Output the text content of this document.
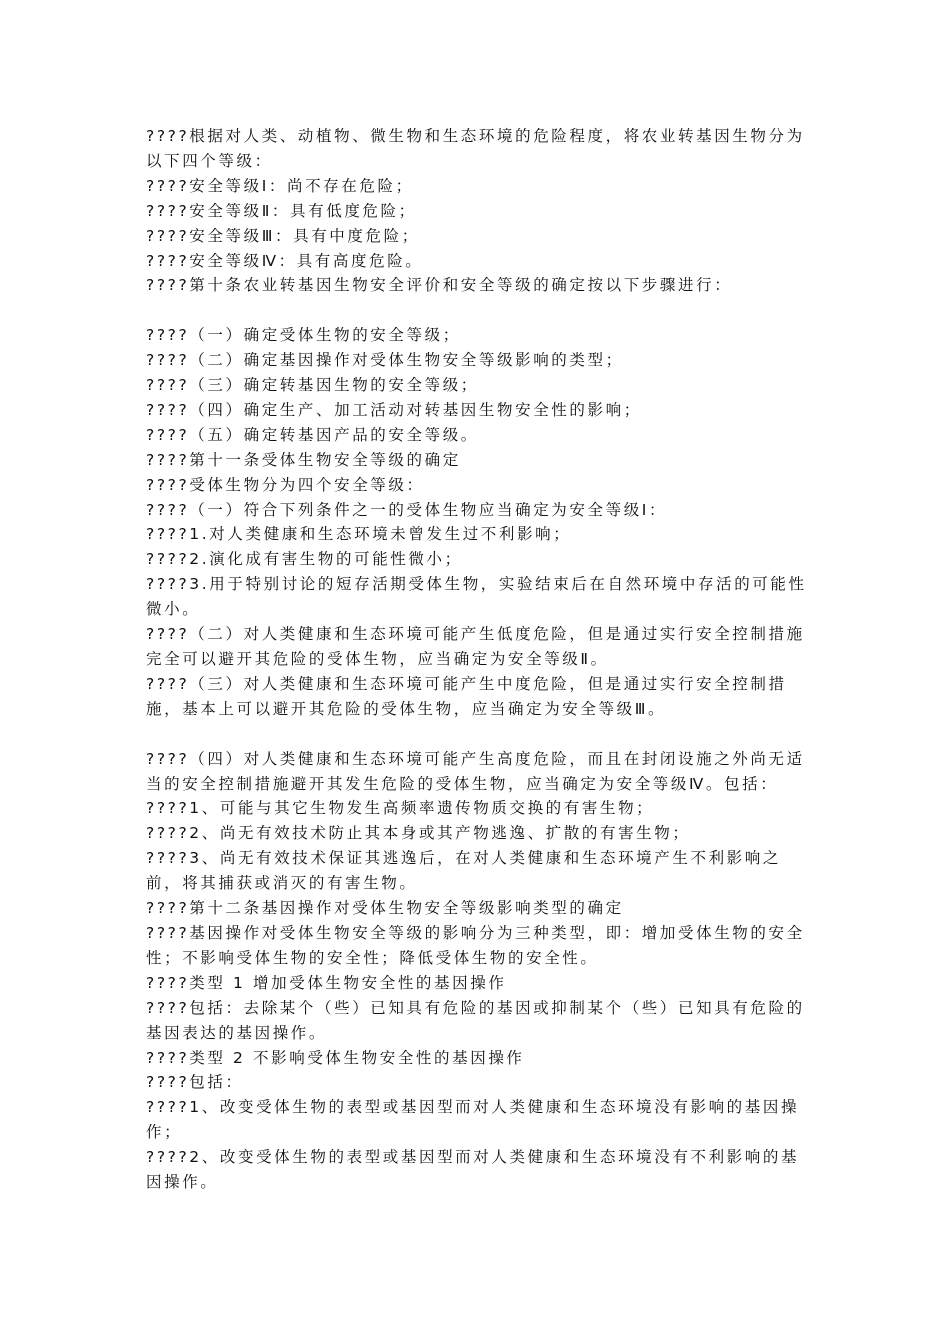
????根据对人类、动植物、微生物和生态环境的危险程度，将农业转基因生物分为以下四个等级：

????安全等级Ⅰ：尚不存在危险；

????安全等级Ⅱ：具有低度危险；

????安全等级Ⅲ：具有中度危险；

????安全等级Ⅳ：具有高度危险。

????第十条农业转基因生物安全评价和安全等级的确定按以下步骤进行：

????（一）确定受体生物的安全等级；

????（二）确定基因操作对受体生物安全等级影响的类型；

????（三）确定转基因生物的安全等级；

????（四）确定生产、加工活动对转基因生物安全性的影响；

????（五）确定转基因产品的安全等级。

????第十一条受体生物安全等级的确定

????受体生物分为四个安全等级：

????（一）符合下列条件之一的受体生物应当确定为安全等级Ⅰ：

????1.对人类健康和生态环境未曾发生过不利影响；

????2.演化成有害生物的可能性微小；

????3.用于特别讨论的短存活期受体生物，实验结束后在自然环境中存活的可能性微小。

????（二）对人类健康和生态环境可能产生低度危险，但是通过实行安全控制措施完全可以避开其危险的受体生物，应当确定为安全等级Ⅱ。

????（三）对人类健康和生态环境可能产生中度危险，但是通过实行安全控制措施，基本上可以避开其危险的受体生物，应当确定为安全等级Ⅲ。

????（四）对人类健康和生态环境可能产生高度危险，而且在封闭设施之外尚无适当的安全控制措施避开其发生危险的受体生物，应当确定为安全等级Ⅳ。包括：

????1、可能与其它生物发生高频率遗传物质交换的有害生物；

????2、尚无有效技术防止其本身或其产物逃逸、扩散的有害生物；

????3、尚无有效技术保证其逃逸后，在对人类健康和生态环境产生不利影响之前，将其捕获或消灭的有害生物。

????第十二条基因操作对受体生物安全等级影响类型的确定

????基因操作对受体生物安全等级的影响分为三种类型，即：增加受体生物的安全性；不影响受体生物的安全性；降低受体生物的安全性。

????类型 1 增加受体生物安全性的基因操作

????包括：去除某个（些）已知具有危险的基因或抑制某个（些）已知具有危险的基因表达的基因操作。

????类型 2 不影响受体生物安全性的基因操作

????包括：

????1、改变受体生物的表型或基因型而对人类健康和生态环境没有影响的基因操作；

????2、改变受体生物的表型或基因型而对人类健康和生态环境没有不利影响的基因操作。
